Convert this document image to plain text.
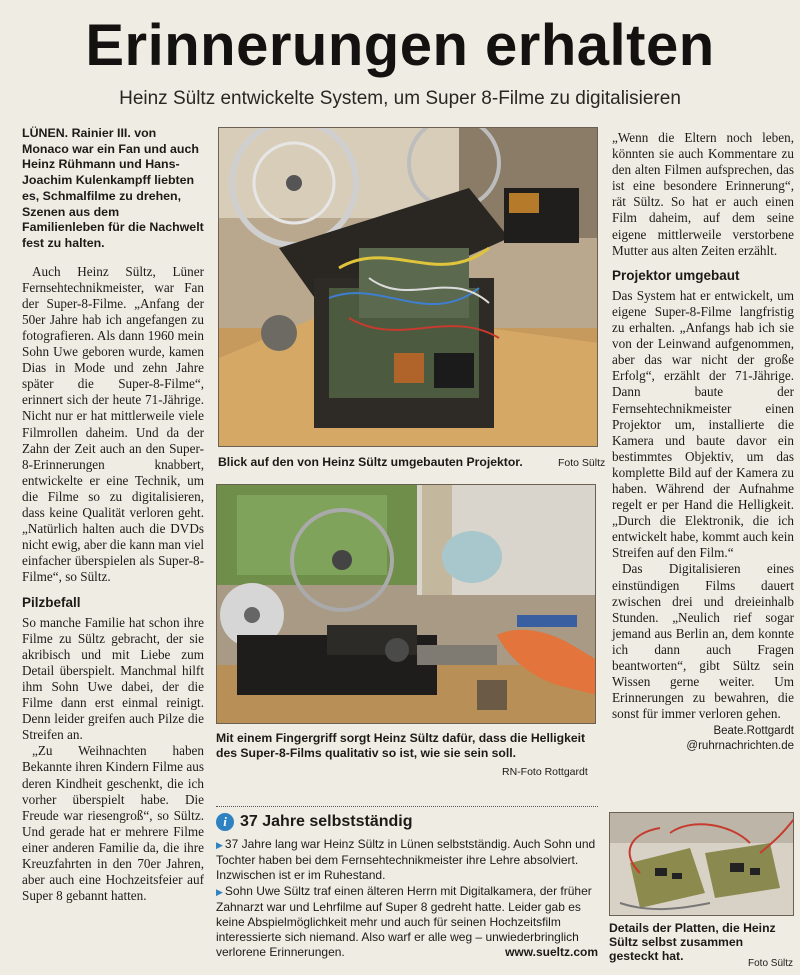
Erinnerungen erhalten
Heinz Sültz entwickelte System, um Super 8-Filme zu digitalisieren

LÜNEN. Rainier III. von Monaco war ein Fan und auch Heinz Rühmann und Hans-Joachim Kulenkampff liebten es, Schmalfilme zu drehen, Szenen aus dem Familienleben für die Nachwelt fest zu halten.

Auch Heinz Sültz, Lüner Fernsehtechnikmeister, war Fan der Super-8-Filme. „Anfang der 50er Jahre hab ich angefangen zu fotografieren. Als dann 1960 mein Sohn Uwe geboren wurde, kamen Dias in Mode und zehn Jahre später die Super-8-Filme“, erinnert sich der heute 71-Jährige. Nicht nur er hat mittlerweile viele Filmrollen daheim. Und da der Zahn der Zeit auch an den Super-8-Erinnerungen knabbert, entwickelte er eine Technik, um die Filme so zu digitalisieren, dass keine Qualität verloren geht. „Natürlich halten auch die DVDs nicht ewig, aber die kann man viel einfacher überspielen als Super-8-Filme“, so Sültz.

Pilzbefall

So manche Familie hat schon ihre Filme zu Sültz gebracht, der sie akribisch und mit Liebe zum Detail überspielt. Manchmal hilft ihm Sohn Uwe dabei, der die Filme dann erst einmal reinigt. Denn leider greifen auch Pilze die Streifen an.

„Zu Weihnachten haben Bekannte ihren Kindern Filme aus deren Kindheit geschenkt, die ich vorher überspielt habe. Die Freude war riesengroß“, so Sültz. Und gerade hat er mehrere Filme einer anderen Familie da, die ihre Kreuzfahrten in den 70er Jahren, aber auch eine Hochzeitsfeier auf Super 8 gebannt hatten.

Blick auf den von Heinz Sültz umgebauten Projektor.	Foto Sültz
Mit einem Fingergriff sorgt Heinz Sültz dafür, dass die Helligkeit des Super-8-Films qualitativ so ist, wie sie sein soll.
RN-Foto Rottgardt
i 37 Jahre selbstständig
▶ 37 Jahre lang war Heinz Sültz in Lünen selbstständig. Auch Sohn und Tochter haben bei dem Fernsehtechnikmeister ihre Lehre absolviert. Inzwischen ist er im Ruhestand.
▶ Sohn Uwe Sültz traf einen älteren Herrn mit Digitalkamera, der früher Zahnarzt war und Lehrfilme auf Super 8 gedreht hatte. Leider gab es keine Abspielmöglichkeit mehr und auch für seinen Hochzeitsfilm interessierte sich niemand. Also warf er alle weg – unwiederbringlich verlorene Erinnerungen.	www.sueltz.com

„Wenn die Eltern noch leben, könnten sie auch Kommentare zu den alten Filmen aufsprechen, das ist eine besondere Erinnerung“, rät Sültz. So hat er auch einen Film daheim, auf dem seine eigene mittlerweile verstorbene Mutter aus alten Zeiten erzählt.

Projektor umgebaut

Das System hat er entwickelt, um eigene Super-8-Filme langfristig zu erhalten. „Anfangs hab ich sie von der Leinwand aufgenommen, aber das war nicht der große Erfolg“, erzählt der 71-Jährige. Dann baute der Fernsehtechnikmeister einen Projektor um, installierte die Kamera und baute davor ein bestimmtes Objektiv, um das komplette Bild auf der Kamera zu haben. Während der Aufnahme regelt er per Hand die Helligkeit. „Durch die Elektronik, die ich entwickelt habe, kommt auch kein Streifen auf den Film.“

Das Digitalisieren eines einstündigen Films dauert zwischen drei und dreieinhalb Stunden. „Neulich rief sogar jemand aus Berlin an, dem konnte ich dann auch Fragen beantworten“, gibt Sültz sein Wissen gerne weiter. Um Erinnerungen zu bewahren, die sonst für immer verloren gehen.

Beate.Rottgardt
@ruhrnachrichten.de
Details der Platten, die Heinz Sültz selbst zusammen gesteckt hat.
Foto Sültz
